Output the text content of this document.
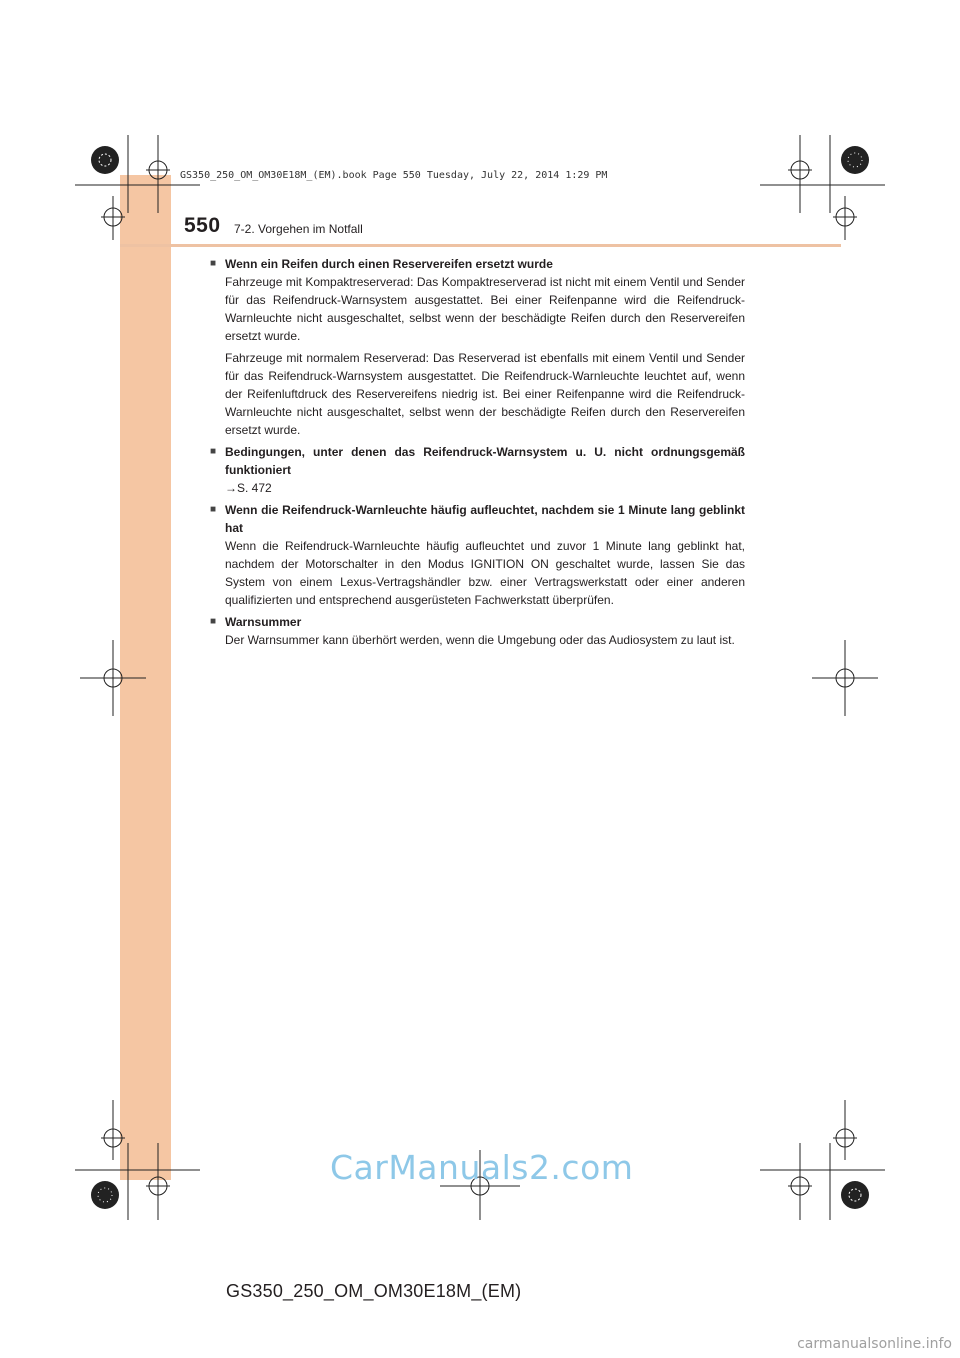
GS350_250_OM_OM30E18M_(EM).book Page 550 Tuesday, July 22, 2014 1:29 PM
550 7-2. Vorgehen im Notfall
■ Wenn ein Reifen durch einen Reservereifen ersetzt wurde
Fahrzeuge mit Kompaktreserverad: Das Kompaktreserverad ist nicht mit einem Ventil und Sender für das Reifendruck-Warnsystem ausgestattet. Bei einer Reifenpanne wird die Reifendruck-Warnleuchte nicht ausgeschaltet, selbst wenn der beschädigte Reifen durch den Reservereifen ersetzt wurde.
Fahrzeuge mit normalem Reserverad: Das Reserverad ist ebenfalls mit einem Ventil und Sender für das Reifendruck-Warnsystem ausgestattet. Die Reifendruck-Warnleuchte leuchtet auf, wenn der Reifenluftdruck des Reservereifens niedrig ist. Bei einer Reifenpanne wird die Reifendruck-Warnleuchte nicht ausgeschaltet, selbst wenn der beschädigte Reifen durch den Reservereifen ersetzt wurde.
■ Bedingungen, unter denen das Reifendruck-Warnsystem u. U. nicht ordnungsgemäß funktioniert
→S. 472
■ Wenn die Reifendruck-Warnleuchte häufig aufleuchtet, nachdem sie 1 Minute lang geblinkt hat
Wenn die Reifendruck-Warnleuchte häufig aufleuchtet und zuvor 1 Minute lang geblinkt hat, nachdem der Motorschalter in den Modus IGNITION ON geschaltet wurde, lassen Sie das System von einem Lexus-Vertragshändler bzw. einer Vertragswerkstatt oder einer anderen qualifizierten und entsprechend ausgerüsteten Fachwerkstatt überprüfen.
■ Warnsummer
Der Warnsummer kann überhört werden, wenn die Umgebung oder das Audiosystem zu laut ist.
CarManuals2.com
GS350_250_OM_OM30E18M_(EM)
carmanualsonline.info
